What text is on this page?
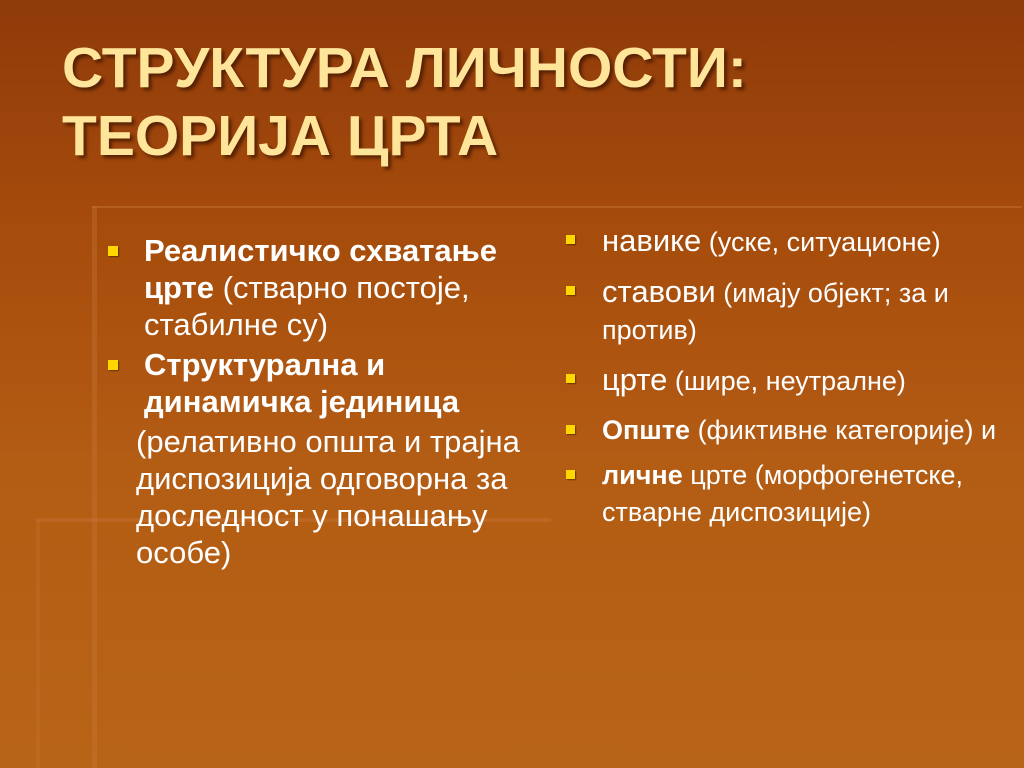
СТРУКТУРА ЛИЧНОСТИ:
ТЕОРИЈА ЦРТА
Реалистичко схватање црте (стварно постоје, стабилне су)
Структурална и динамичка јединица
(релативно општа и трајна диспозиција одговорна за доследност у понашању особе)
навике (уске, ситуационе)
ставови (имају објект; за и против)
црте (шире, неутралне)
Опште (фиктивне категорије) и
личне црте (морфогенетске, стварне диспозиције)
